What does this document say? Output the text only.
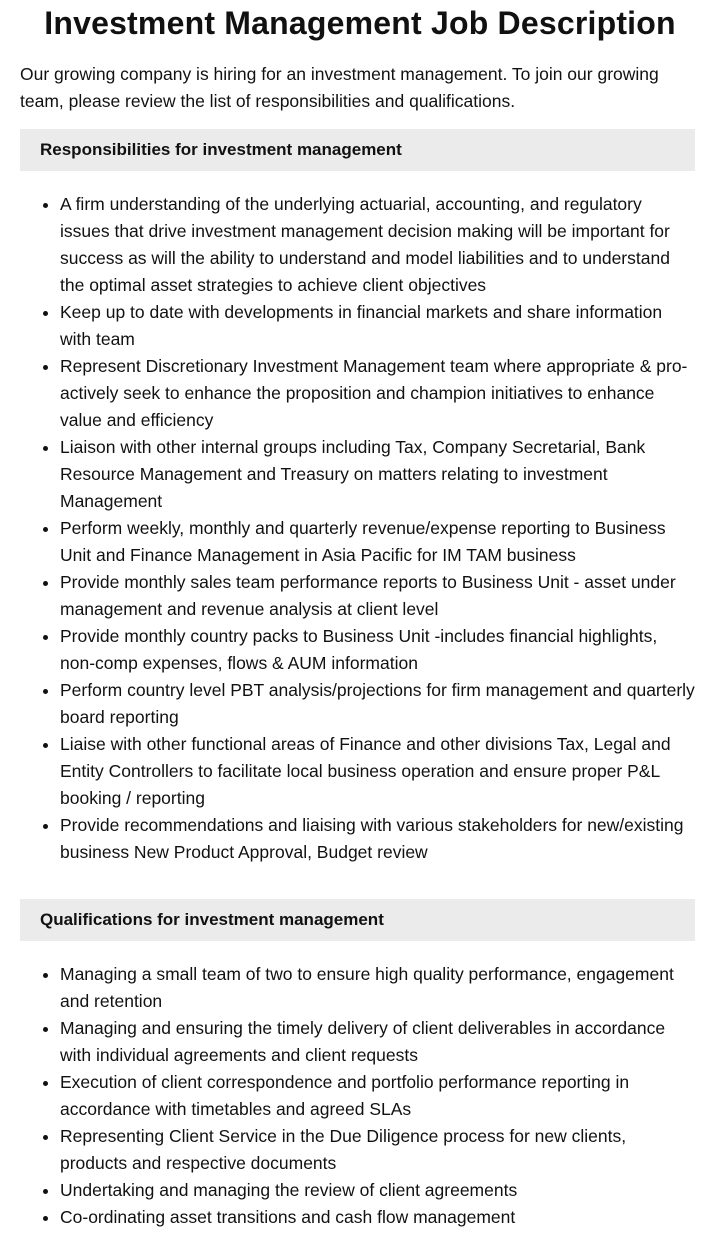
Investment Management Job Description

Our growing company is hiring for an investment management. To join our growing team, please review the list of responsibilities and qualifications.

Responsibilities for investment management
• A firm understanding of the underlying actuarial, accounting, and regulatory issues that drive investment management decision making will be important for success as will the ability to understand and model liabilities and to understand the optimal asset strategies to achieve client objectives
• Keep up to date with developments in financial markets and share information with team
• Represent Discretionary Investment Management team where appropriate & pro-actively seek to enhance the proposition and champion initiatives to enhance value and efficiency
• Liaison with other internal groups including Tax, Company Secretarial, Bank Resource Management and Treasury on matters relating to investment Management
• Perform weekly, monthly and quarterly revenue/expense reporting to Business Unit and Finance Management in Asia Pacific for IM TAM business
• Provide monthly sales team performance reports to Business Unit - asset under management and revenue analysis at client level
• Provide monthly country packs to Business Unit -includes financial highlights, non-comp expenses, flows & AUM information
• Perform country level PBT analysis/projections for firm management and quarterly board reporting
• Liaise with other functional areas of Finance and other divisions Tax, Legal and Entity Controllers to facilitate local business operation and ensure proper P&L booking / reporting
• Provide recommendations and liaising with various stakeholders for new/existing business New Product Approval, Budget review
Qualifications for investment management
• Managing a small team of two to ensure high quality performance, engagement and retention
• Managing and ensuring the timely delivery of client deliverables in accordance with individual agreements and client requests
• Execution of client correspondence and portfolio performance reporting in accordance with timetables and agreed SLAs
• Representing Client Service in the Due Diligence process for new clients, products and respective documents
• Undertaking and managing the review of client agreements
• Co-ordinating asset transitions and cash flow management
